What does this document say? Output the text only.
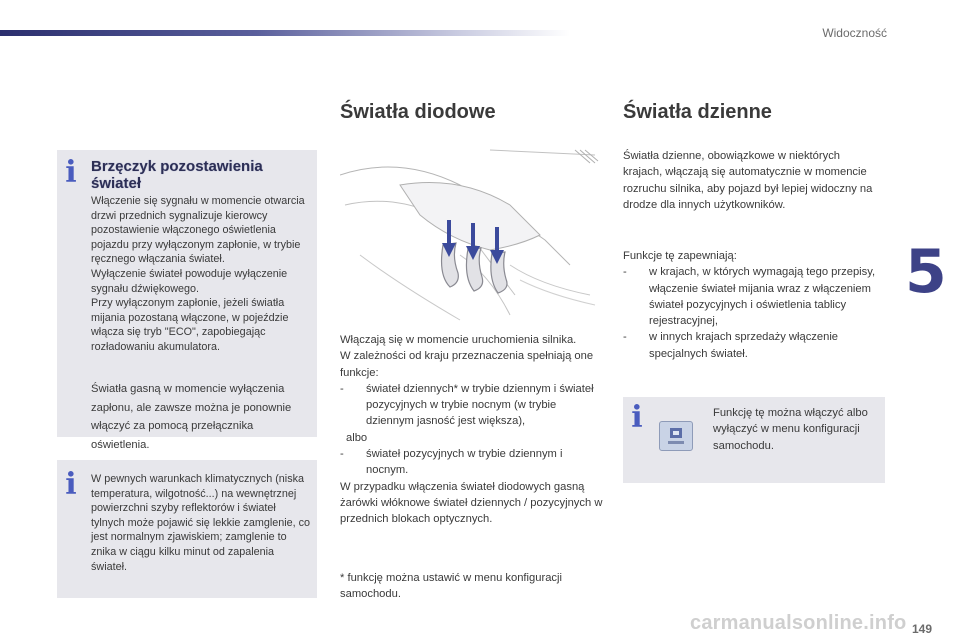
Widoczność
5
i Brzęczyk pozostawienia świateł
Włączenie się sygnału w momencie otwarcia drzwi przednich sygnalizuje kierowcy pozostawienie włączonego oświetlenia pojazdu przy wyłączonym zapłonie, w trybie ręcznego włączania świateł.
Wyłączenie świateł powoduje wyłączenie sygnału dźwiękowego.
Przy wyłączonym zapłonie, jeżeli światła mijania pozostaną włączone, w pojeździe włącza się tryb "ECO", zapobiegając rozładowaniu akumulatora.
Światła gasną w momencie wyłączenia zapłonu, ale zawsze można je ponownie włączyć za pomocą przełącznika oświetlenia.
i W pewnych warunkach klimatycznych (niska temperatura, wilgotność...) na wewnętrznej powierzchni szyby reflektorów i świateł tylnych może pojawić się lekkie zamglenie, co jest normalnym zjawiskiem; zamglenie to znika w ciągu kilku minut od zapalenia świateł.
Światła diodowe

Włączają się w momencie uruchomienia silnika.

W zależności od kraju przeznaczenia spełniają one funkcje:

-	świateł dziennych* w trybie dziennym i świateł pozycyjnych w trybie nocnym (w trybie dziennym jasność jest większa),
albo
-	świateł pozycyjnych w trybie dziennym i nocnym.

W przypadku włączenia świateł diodowych gasną żarówki włóknowe świateł dziennych / pozycyjnych w przednich blokach optycznych.

* funkcję można ustawić w menu konfiguracji samochodu.
Światła dzienne
Światła dzienne, obowiązkowe w niektórych krajach, włączają się automatycznie w momencie rozruchu silnika, aby pojazd był lepiej widoczny na drodze dla innych użytkowników.

Funkcje tę zapewniają:

-	w krajach, w których wymagają tego przepisy, włączenie świateł mijania wraz z włączeniem świateł pozycyjnych i oświetlenia tablicy rejestracyjnej,
-	w innych krajach sprzedaży włączenie specjalnych świateł.
i	Funkcję tę można włączyć albo wyłączyć w menu konfiguracji samochodu.
149
carmanualsonline.info
